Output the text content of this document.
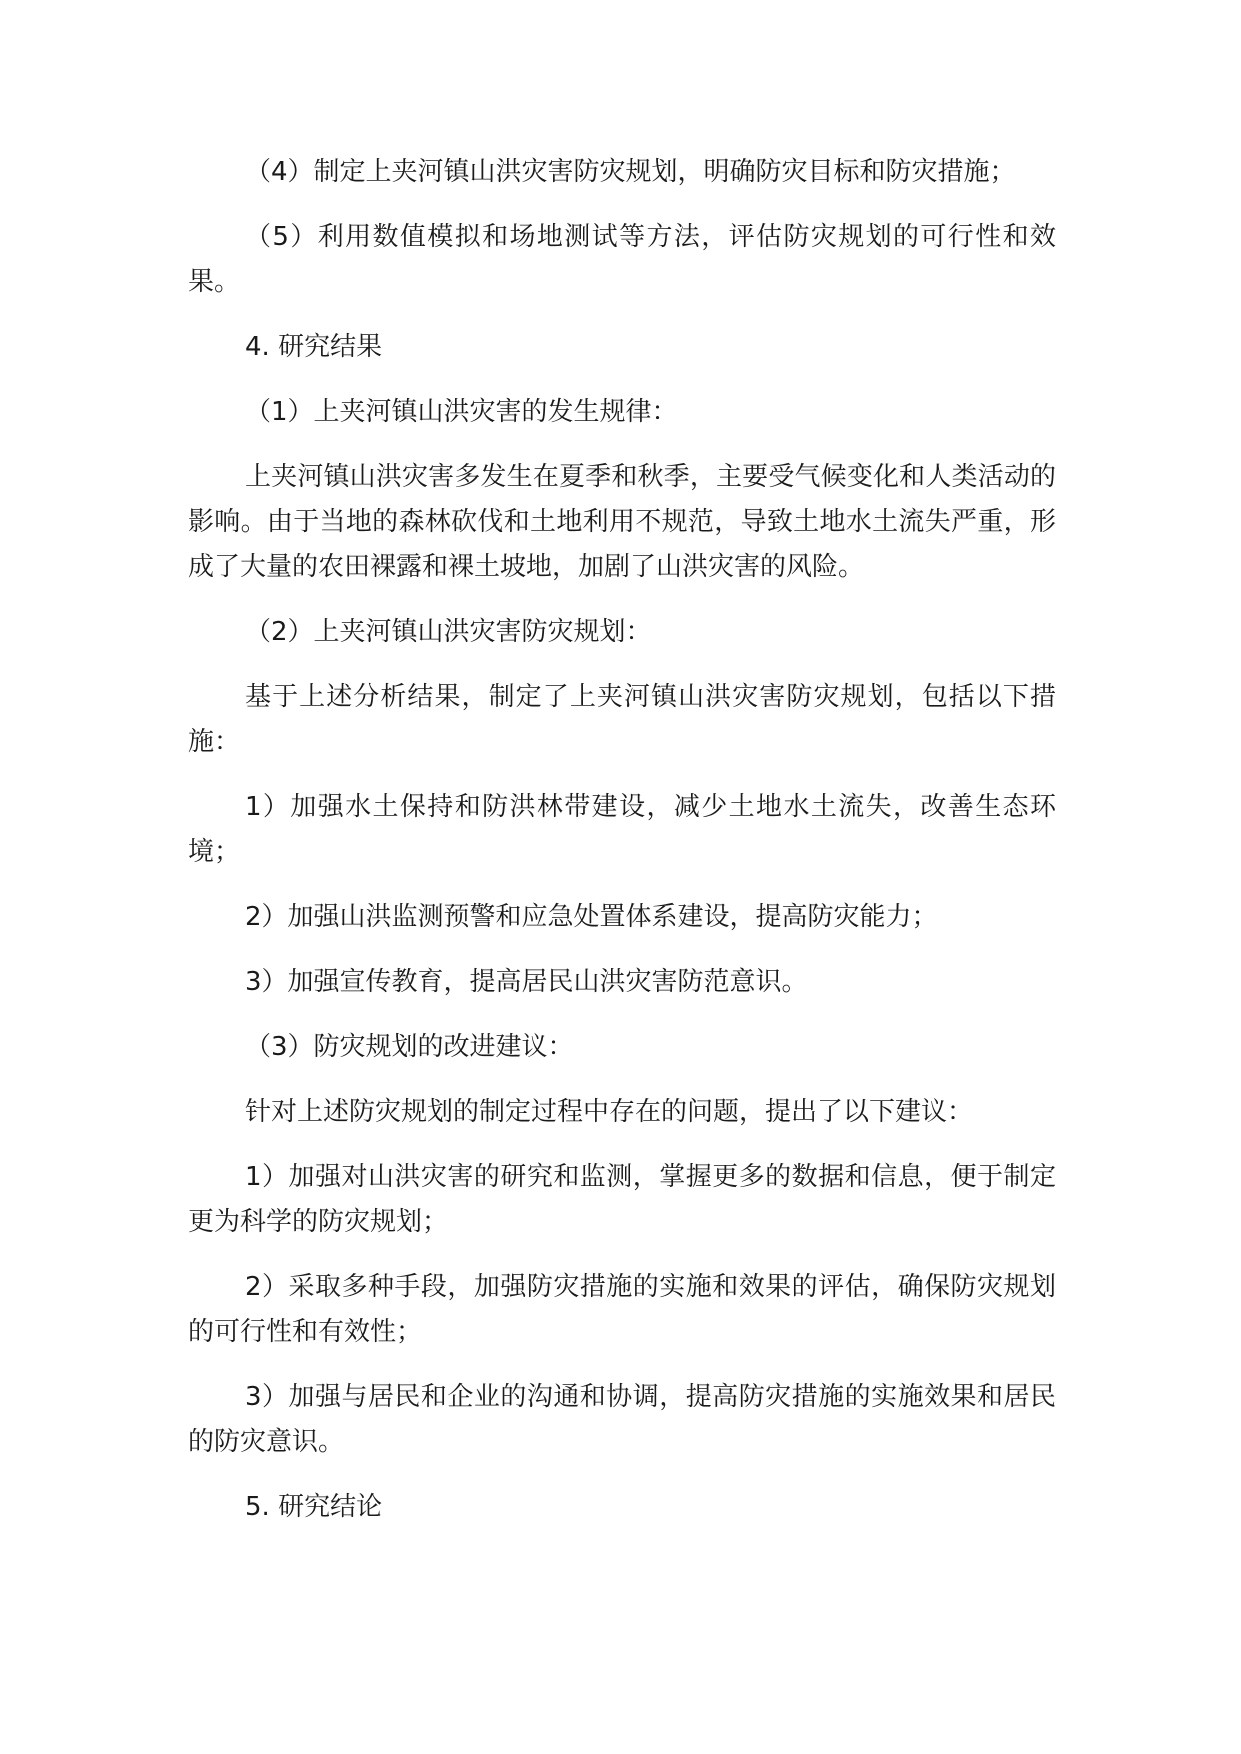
（4）制定上夹河镇山洪灾害防灾规划，明确防灾目标和防灾措施；

（5）利用数值模拟和场地测试等方法，评估防灾规划的可行性和效果。

4. 研究结果

（1）上夹河镇山洪灾害的发生规律：

上夹河镇山洪灾害多发生在夏季和秋季，主要受气候变化和人类活动的影响。由于当地的森林砍伐和土地利用不规范，导致土地水土流失严重，形成了大量的农田裸露和裸土坡地，加剧了山洪灾害的风险。

（2）上夹河镇山洪灾害防灾规划：

基于上述分析结果，制定了上夹河镇山洪灾害防灾规划，包括以下措施：

1）加强水土保持和防洪林带建设，减少土地水土流失，改善生态环境；

2）加强山洪监测预警和应急处置体系建设，提高防灾能力；

3）加强宣传教育，提高居民山洪灾害防范意识。

（3）防灾规划的改进建议：

针对上述防灾规划的制定过程中存在的问题，提出了以下建议：

1）加强对山洪灾害的研究和监测，掌握更多的数据和信息，便于制定更为科学的防灾规划；

2）采取多种手段，加强防灾措施的实施和效果的评估，确保防灾规划的可行性和有效性；

3）加强与居民和企业的沟通和协调，提高防灾措施的实施效果和居民的防灾意识。

5. 研究结论
